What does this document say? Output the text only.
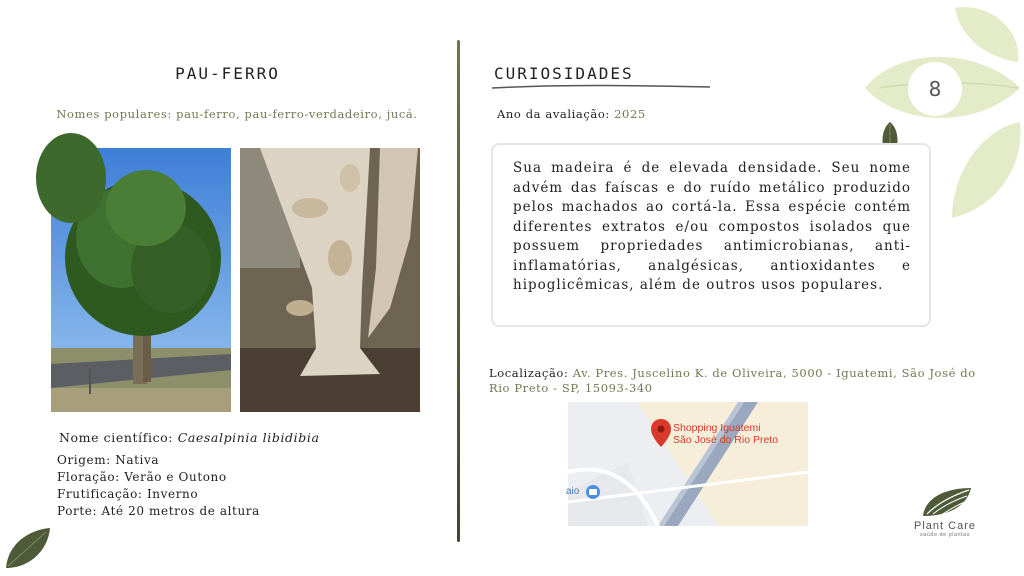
8
PAU-FERRO
Nomes populares: pau-ferro, pau-ferro-verdadeiro, jucá.
Nome científico: Caesalpinia libidibia

Origem: Nativa

Floração: Verão e Outono

Frutificação: Inverno

Porte: Até 20 metros de altura

CURIOSIDADES
Ano da avaliação: 2025
Sua madeira é de elevada densidade. Seu nome advém das faíscas e do ruído metálico produzido pelos machados ao cortá-la. Essa espécie contém diferentes extratos e/ou compostos isolados que possuem propriedades antimicrobianas, anti-inflamatórias, analgésicas, antioxidantes e hipoglicêmicas, além de outros usos populares.
Localização: Av. Pres. Juscelino K. de Oliveira, 5000 - Iguatemi, São José do Rio Preto - SP, 15093-340
Shopping Iguatemi
São José do Rio Preto
aio
Plant Care
saúde de plantas
